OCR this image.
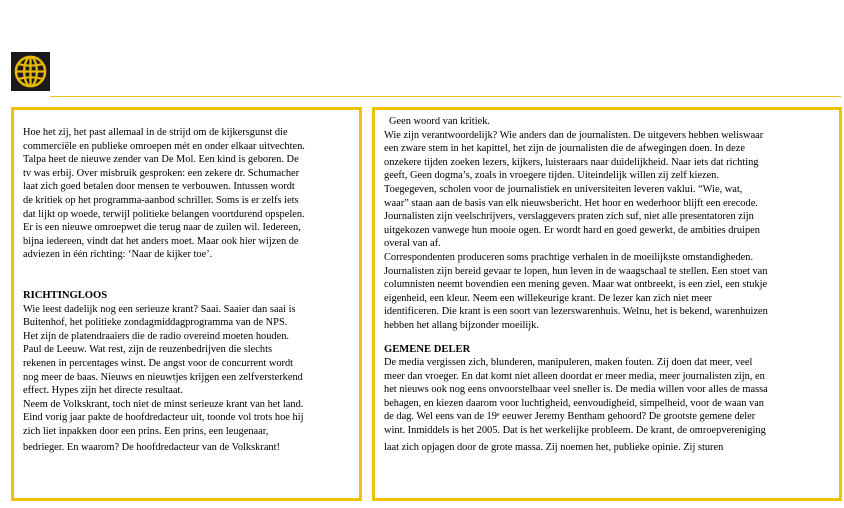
Hoe het zij, het past allemaal in de strijd om de kijkersgunst die

commerciële en publieke omroepen mét en onder elkaar uitvechten.

Talpa heet de nieuwe zender van De Mol. Een kind is geboren. De

tv was erbij. Over misbruik gesproken: een zekere dr. Schumacher

laat zich goed betalen door mensen te verbouwen. Intussen wordt

de kritiek op het programma-aanbod schriller. Soms is er zelfs iets

dat lijkt op woede, terwijl politieke belangen voortdurend opspelen.

Er is een nieuwe omroepwet die terug naar de zuilen wil. Iedereen,

bijna iedereen, vindt dat het anders moet. Maar ook hier wijzen de

adviezen in één richting: ‘Naar de kijker toe’.

RICHTINGLOOS

Wie leest dadelijk nog een serieuze krant? Saai. Saaier dan saai is

Buitenhof, het politieke zondagmiddagprogramma van de NPS.

Het zijn de platendraaiers die de radio overeind moeten houden.

Paul de Leeuw. Wat rest, zijn de reuzenbedrijven die slechts

rekenen in percentages winst. De angst voor de concurrent wordt

nog meer de baas. Nieuws en nieuwtjes krijgen een zelfversterkend

effect. Hypes zijn het directe resultaat.

Neem de Volkskrant, toch niet de minst serieuze krant van het land.

Eind vorig jaar pakte de hoofdredacteur uit, toonde vol trots hoe hij

zich liet inpakken door een prins. Een prins, een leugenaar,

bedrieger. En waarom? De hoofdredacteur van de Volkskrant!

Geen woord van kritiek.

Wie zijn verantwoordelijk? Wie anders dan de journalisten. De uitgevers hebben weliswaar

een zware stem in het kapittel, het zijn de journalisten die de afwegingen doen. In deze

onzekere tijden zoeken lezers, kijkers, luisteraars naar duidelijkheid. Naar iets dat richting

geeft, Geen dogma’s, zoals in vroegere tijden. Uiteindelijk willen zij zelf kiezen.

Toegegeven, scholen voor de journalistiek en universiteiten leveren vaklui. “Wie, wat,

waar” staan aan de basis van elk nieuwsbericht. Het hoor en wederhoor blijft een erecode.

Journalisten zijn veelschrijvers, verslaggevers praten zich suf, niet alle presentatoren zijn

uitgekozen vanwege hun mooie ogen. Er wordt hard en goed gewerkt, de ambities druipen

overal van af.

Correspondenten produceren soms prachtige verhalen in de moeilijkste omstandigheden.

Journalisten zijn bereid gevaar te lopen, hun leven in de waagschaal te stellen. Een stoet van

columnisten neemt bovendien een mening geven. Maar wat ontbreekt, is een ziel, een stukje

eigenheid, een kleur. Neem een willekeurige krant. De lezer kan zich niet meer

identificeren. Die krant is een soort van lezerswarenhuis. Welnu, het is bekend, warenhuizen

hebben het allang bijzonder moeilijk.

GEMENE DELER

De media vergissen zich, blunderen, manipuleren, maken fouten. Zij doen dat meer, veel

meer dan vroeger. En dat komt niet alleen doordat er meer media, meer journalisten zijn, en

het nieuws ook nog eens onvoorstelbaar veel sneller is. De media willen voor alles de massa

behagen, en kiezen daarom voor luchtigheid, eenvoudigheid, simpelheid, voor de waan van

de dag. Wel eens van de 19ᵉ eeuwer Jeremy Bentham gehoord? De grootste gemene deler

wint. Inmiddels is het 2005. Dat is het werkelijke probleem. De krant, de omroepvereniging

laat zich opjagen door de grote massa. Zij noemen het, publieke opinie. Zij sturen
